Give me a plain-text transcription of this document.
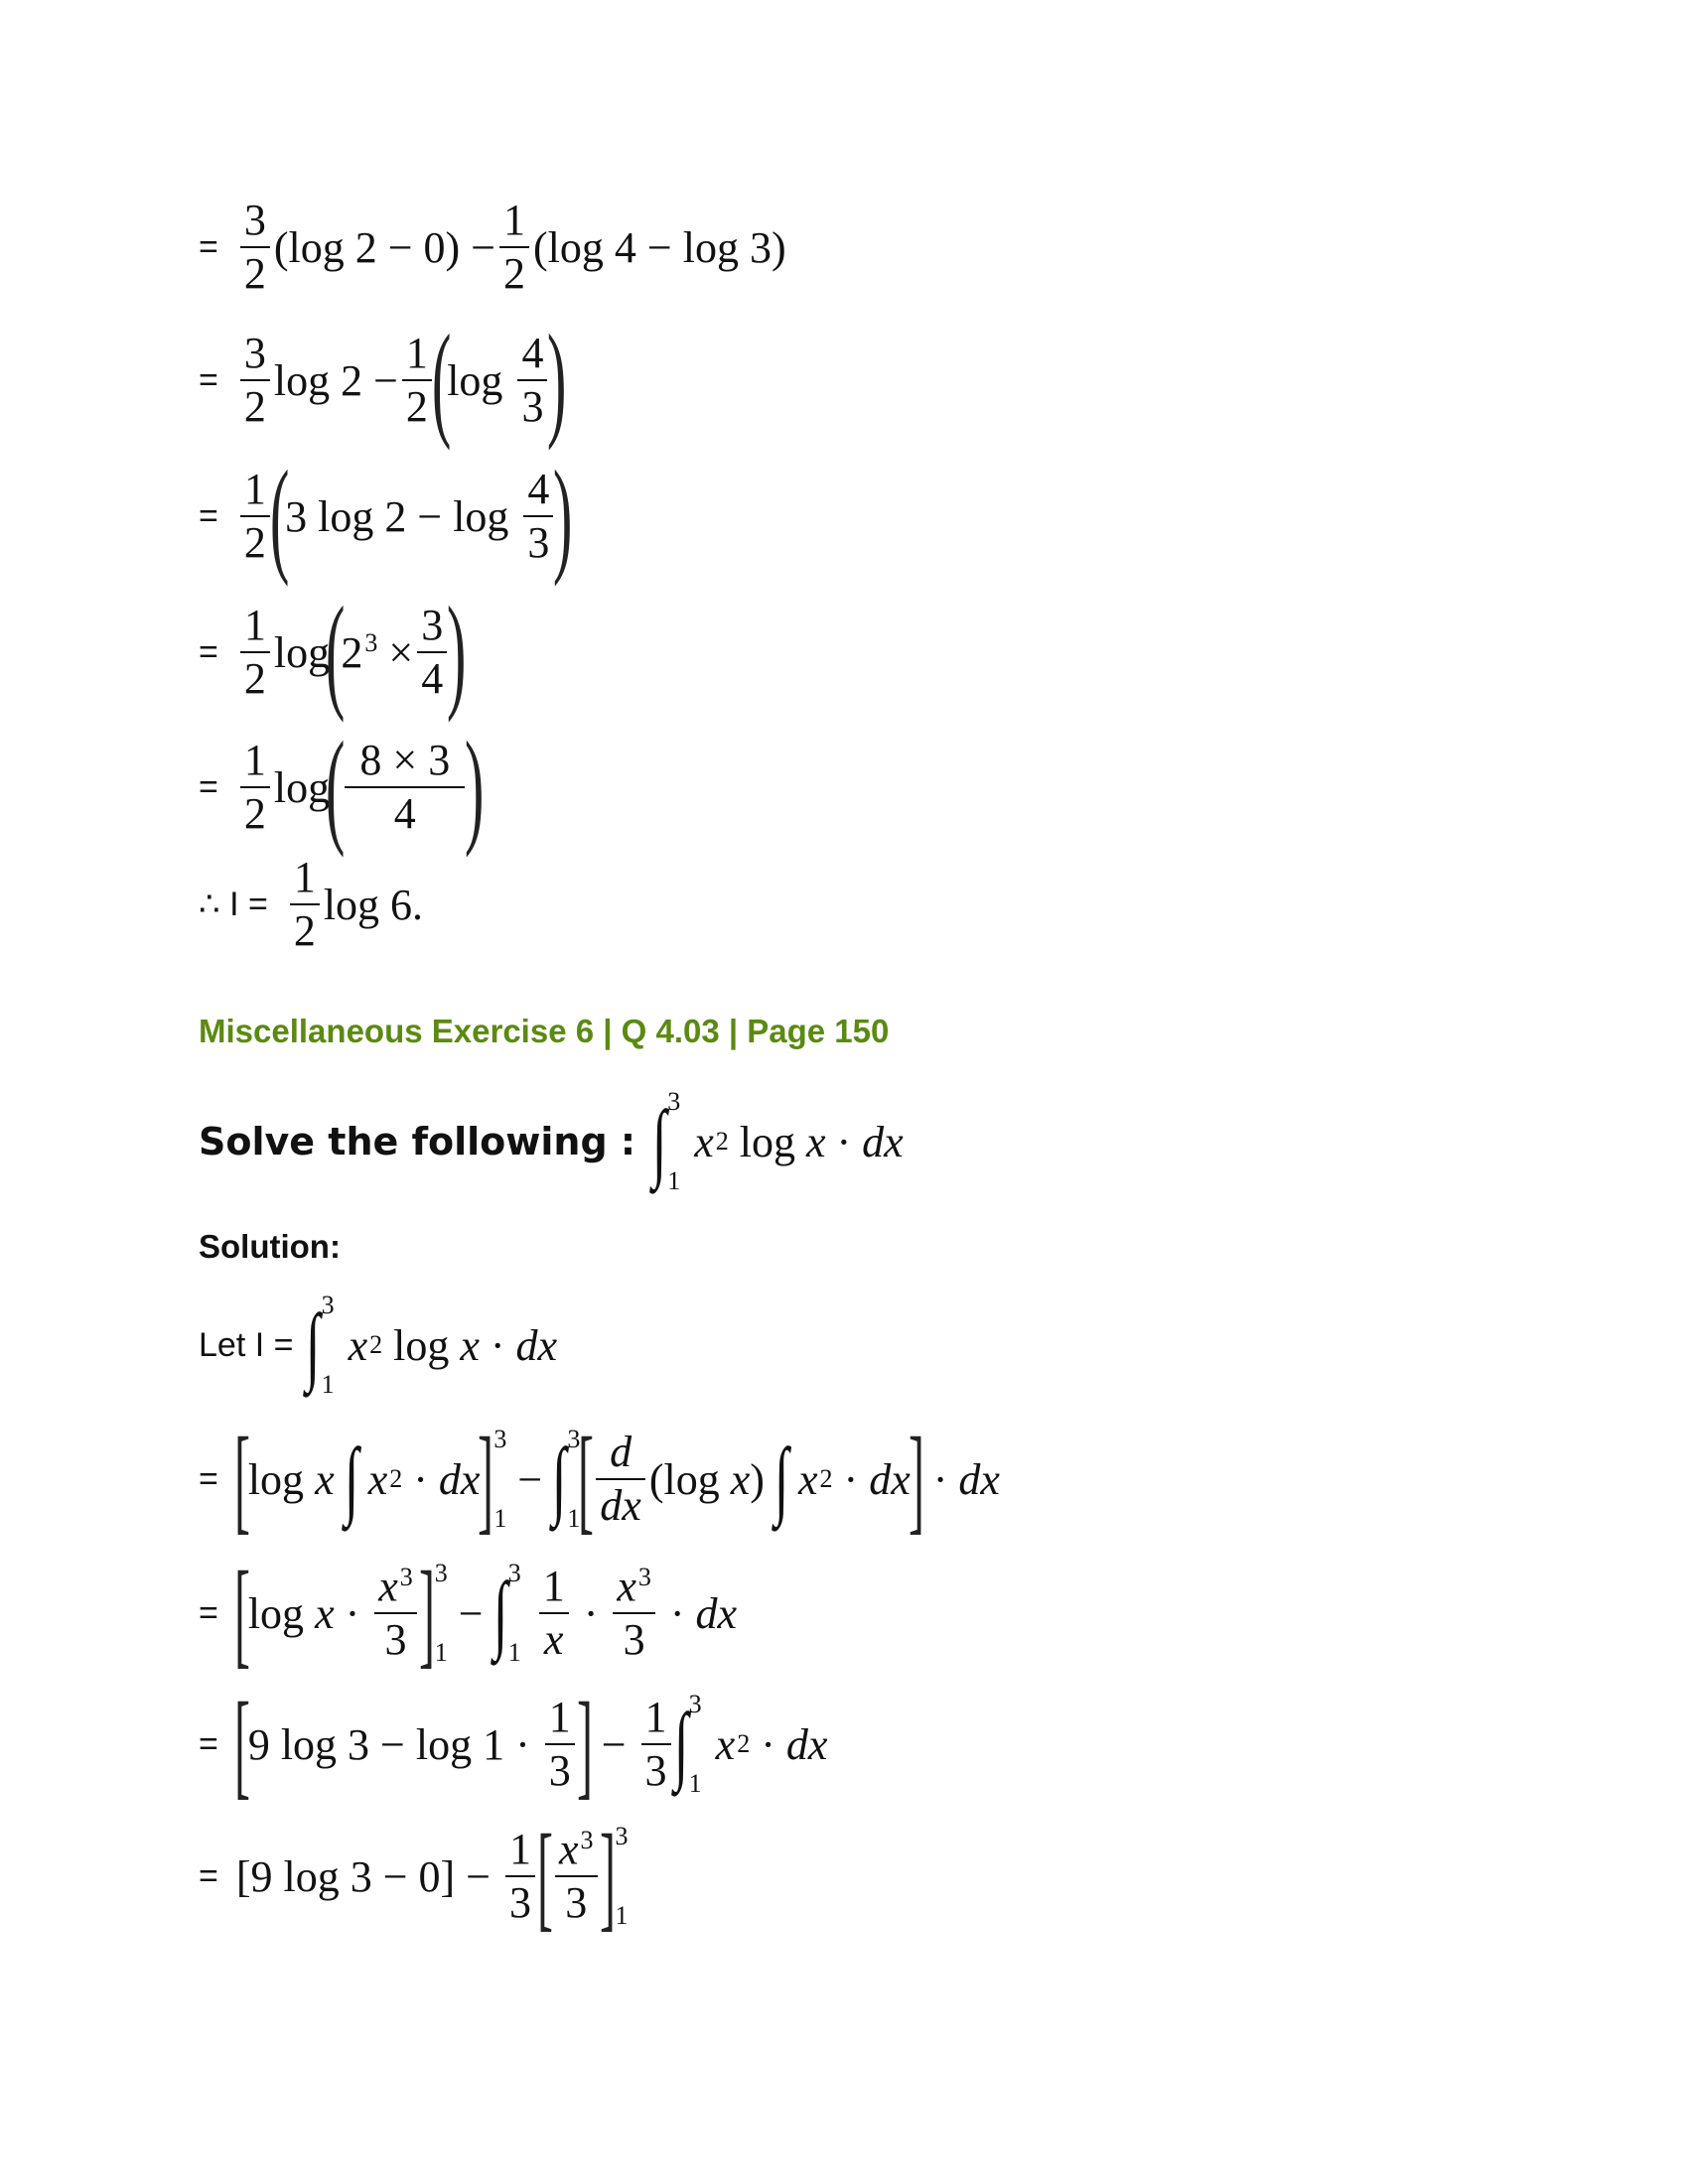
= $\frac{3}{2} (\log$ $2 - 0) - \frac{1}{2} (\log$ 4 − log 3)
= $\frac{3}{2}$ $\log 2 - \frac{1}{2}$ (
$\log \frac{4}{3}$ )
= $\frac{1}{2}$ (
3 $\log 2 - \log \frac{4}{3}$ )
= $\frac{1}{2}$ log
(
$2^3 \times \frac{3}{4}$ )
= $\frac{1}{2}$ log
( $\frac{8 \times 3}{4}$ )
∴ $I = \frac{1}{2}$ log 6.
Miscellaneous Exercise 6 | Q 4.03 | Page 150
Solve the following : ∫ 3
1
x 2 log x · dx
Solution:
Let I = ∫ 3
1
x 2 log x · dx
= [
log x
∫
x 2 · dx
] 3
1
−
∫ 3
1
[ $\frac{d}{dx} (\log$ x)
∫
x 2 · dx
]
· dx
= [
$\log x \cdot \frac{x^3}{3}$ ] 3
1
−
∫ 3
$1 \frac{1}{x} \cdot \frac{x^3}{3}$ · dx
= [
9 $\log 3 - \log 1 \cdot \frac{1}{3}$ ]
− $\frac{1}{3}$ ∫ 3
1
x 2 · dx
= [9 $\log 3 - 0] - \frac{1}{3}$ [ $\frac{x^3}{3}$ ] 3
1
